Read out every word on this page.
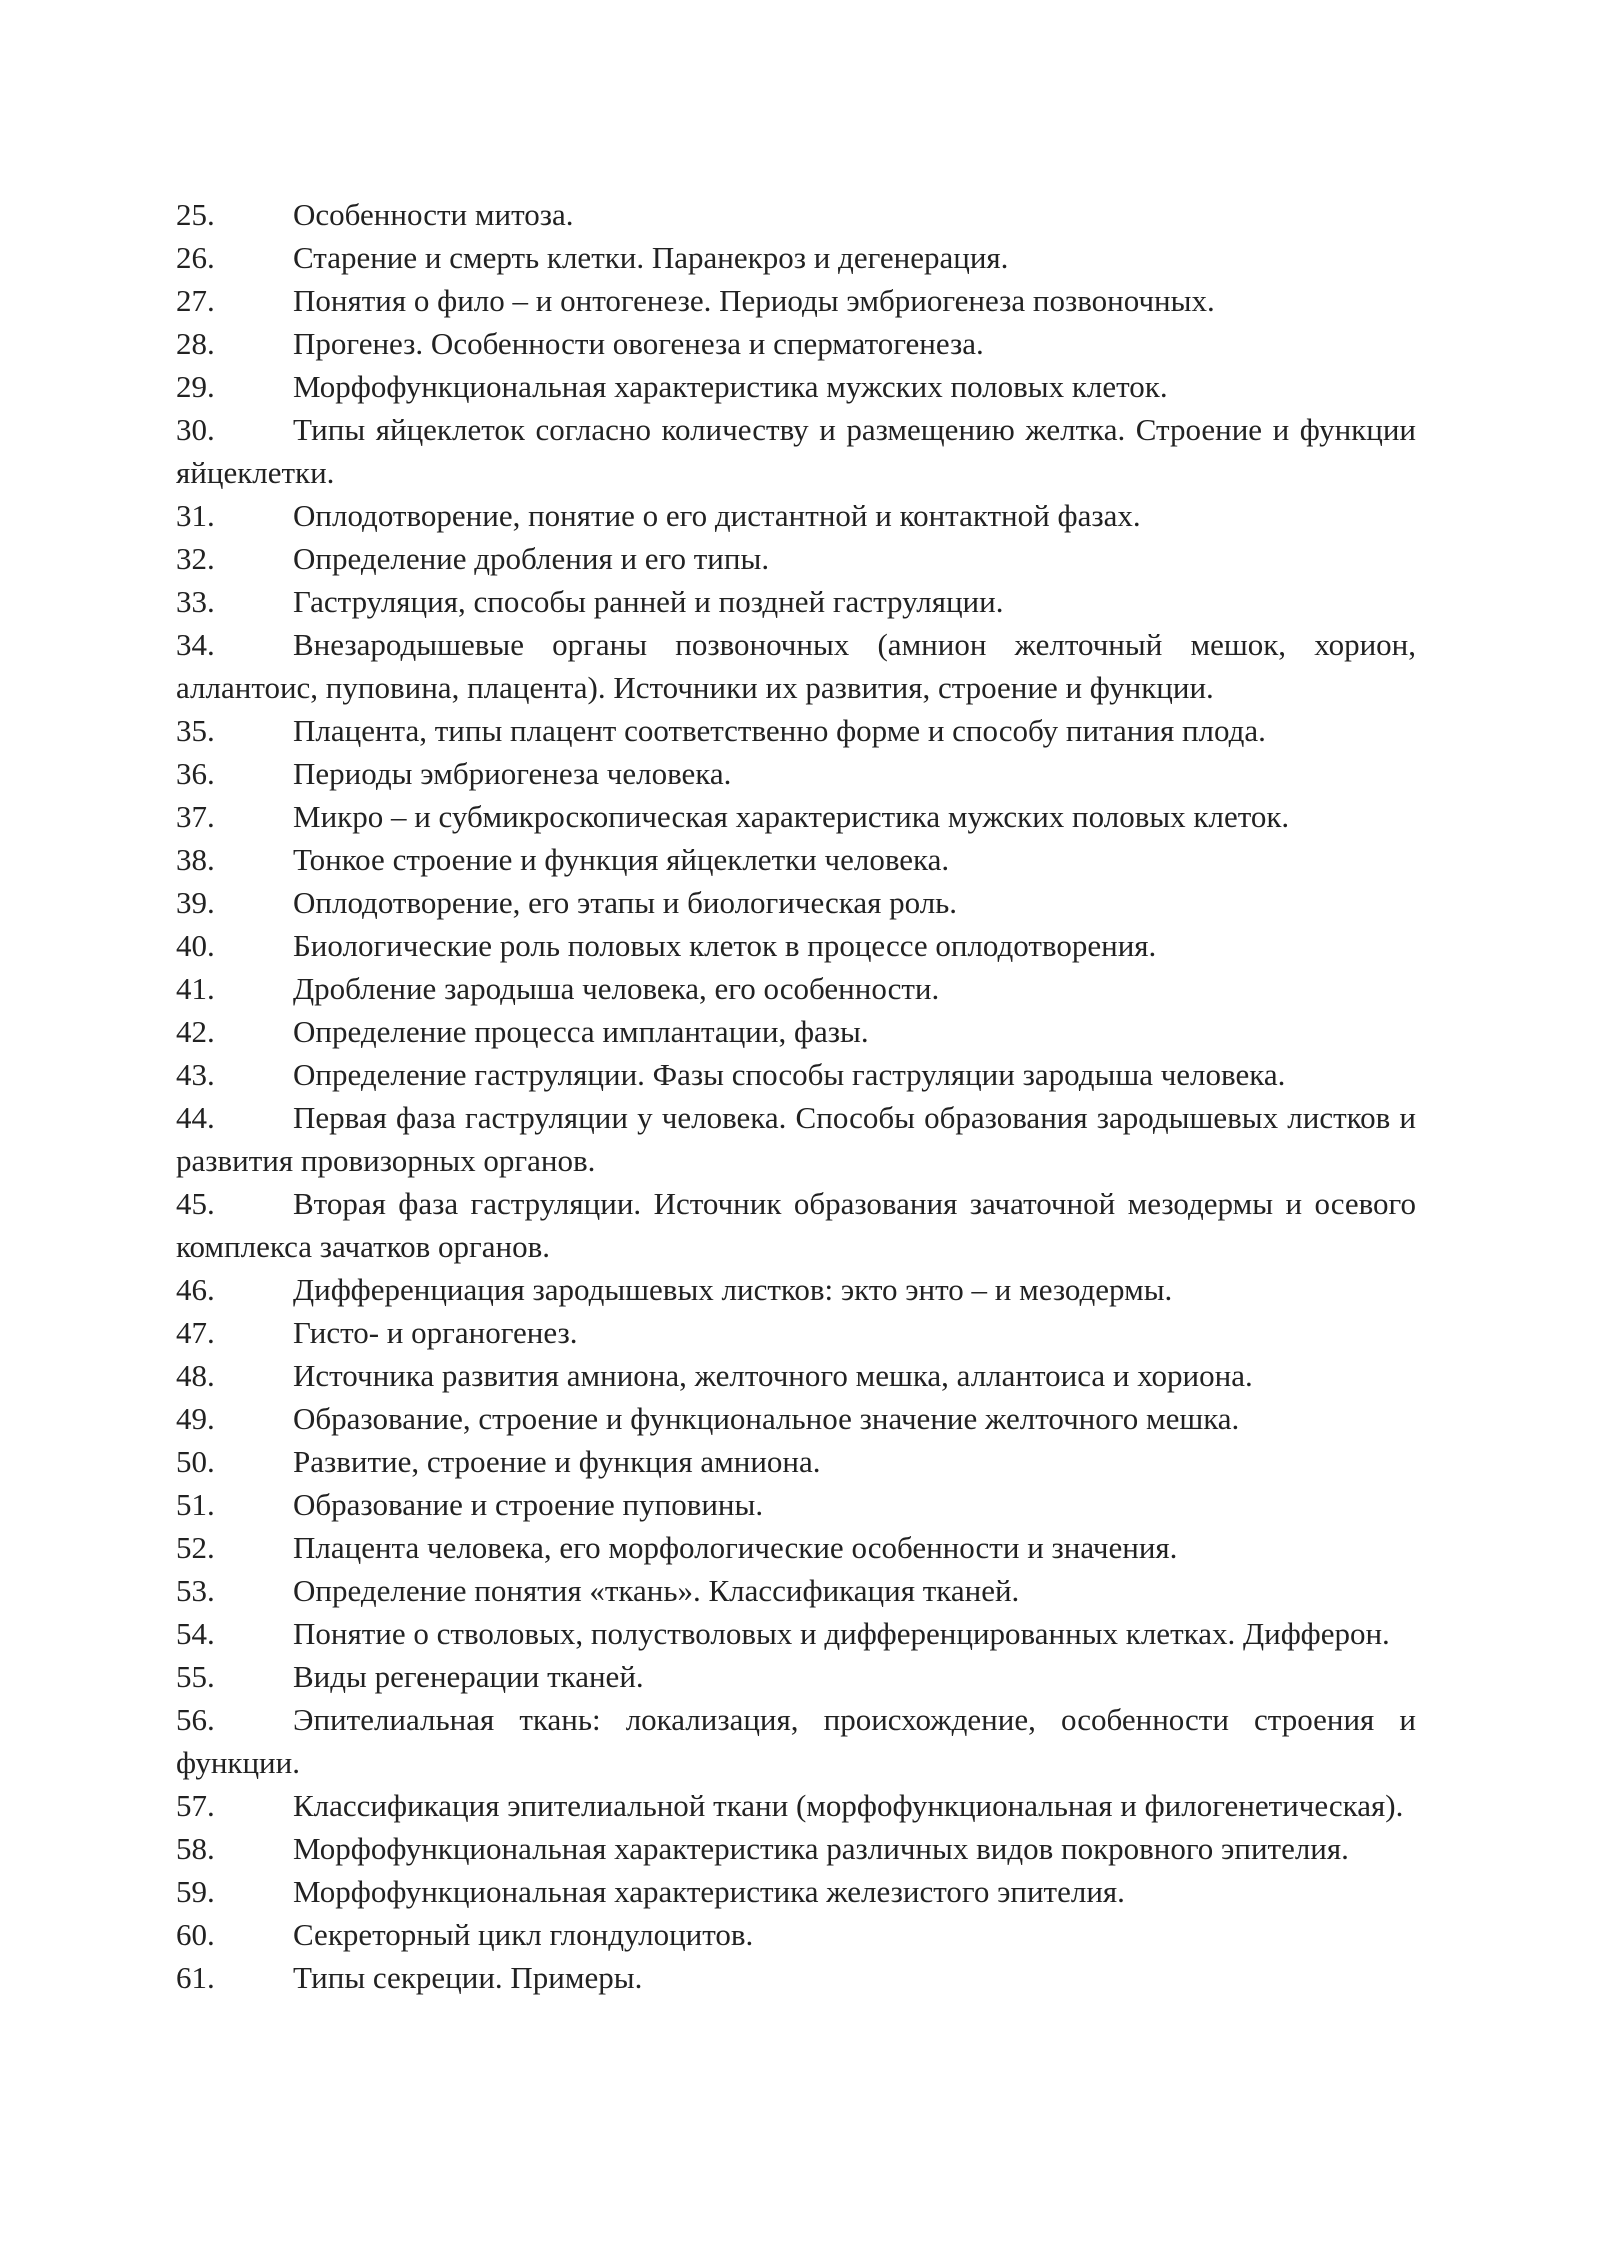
25.	Особенности митоза.
26.	Старение и смерть клетки. Паранекроз и дегенерация.
27.	Понятия о фило – и онтогенезе. Периоды эмбриогенеза позвоночных.
28.	Прогенез. Особенности овогенеза и сперматогенеза.
29.	Морфофункциональная характеристика мужских половых клеток.
30.	Типы яйцеклеток согласно количеству и размещению желтка. Строение и функции яйцеклетки.
31.	Оплодотворение, понятие о его дистантной и контактной фазах.
32.	Определение дробления и его типы.
33.	Гаструляция, способы ранней и поздней гаструляции.
34.	Внезародышевые органы позвоночных (амнион желточный мешок, хорион, аллантоис, пуповина, плацента). Источники их развития, строение и функции.
35.	Плацента, типы плацент соответственно форме и способу питания плода.
36.	Периоды эмбриогенеза человека.
37.	Микро – и субмикроскопическая характеристика мужских половых клеток.
38.	Тонкое строение и функция яйцеклетки человека.
39.	Оплодотворение, его этапы и биологическая роль.
40.	Биологические роль половых клеток в процессе оплодотворения.
41.	Дробление зародыша человека, его особенности.
42.	Определение процесса имплантации, фазы.
43.	Определение гаструляции. Фазы способы гаструляции зародыша человека.
44.	Первая фаза гаструляции у человека. Способы образования зародышевых листков и развития провизорных органов.
45.	Вторая фаза гаструляции. Источник образования зачаточной мезодермы и осевого комплекса зачатков органов.
46.	Дифференциация зародышевых листков: экто энто – и мезодермы.
47.	Гисто- и органогенез.
48.	Источника развития амниона, желточного мешка, аллантоиса и хориона.
49.	Образование, строение и функциональное значение желточного мешка.
50.	Развитие, строение и функция амниона.
51.	Образование и строение пуповины.
52.	Плацента человека, его морфологические особенности и значения.
53.	Определение понятия «ткань». Классификация тканей.
54.	Понятие о стволовых, полустволовых и дифференцированных клетках. Дифферон.
55.	Виды регенерации тканей.
56.	Эпителиальная ткань: локализация, происхождение, особенности строения и функции.
57.	Классификация эпителиальной ткани (морфофункциональная и филогенетическая).
58.	Морфофункциональная характеристика различных видов покровного эпителия.
59.	Морфофункциональная характеристика железистого эпителия.
60.	Секреторный цикл глондулоцитов.
61.	Типы секреции. Примеры.
